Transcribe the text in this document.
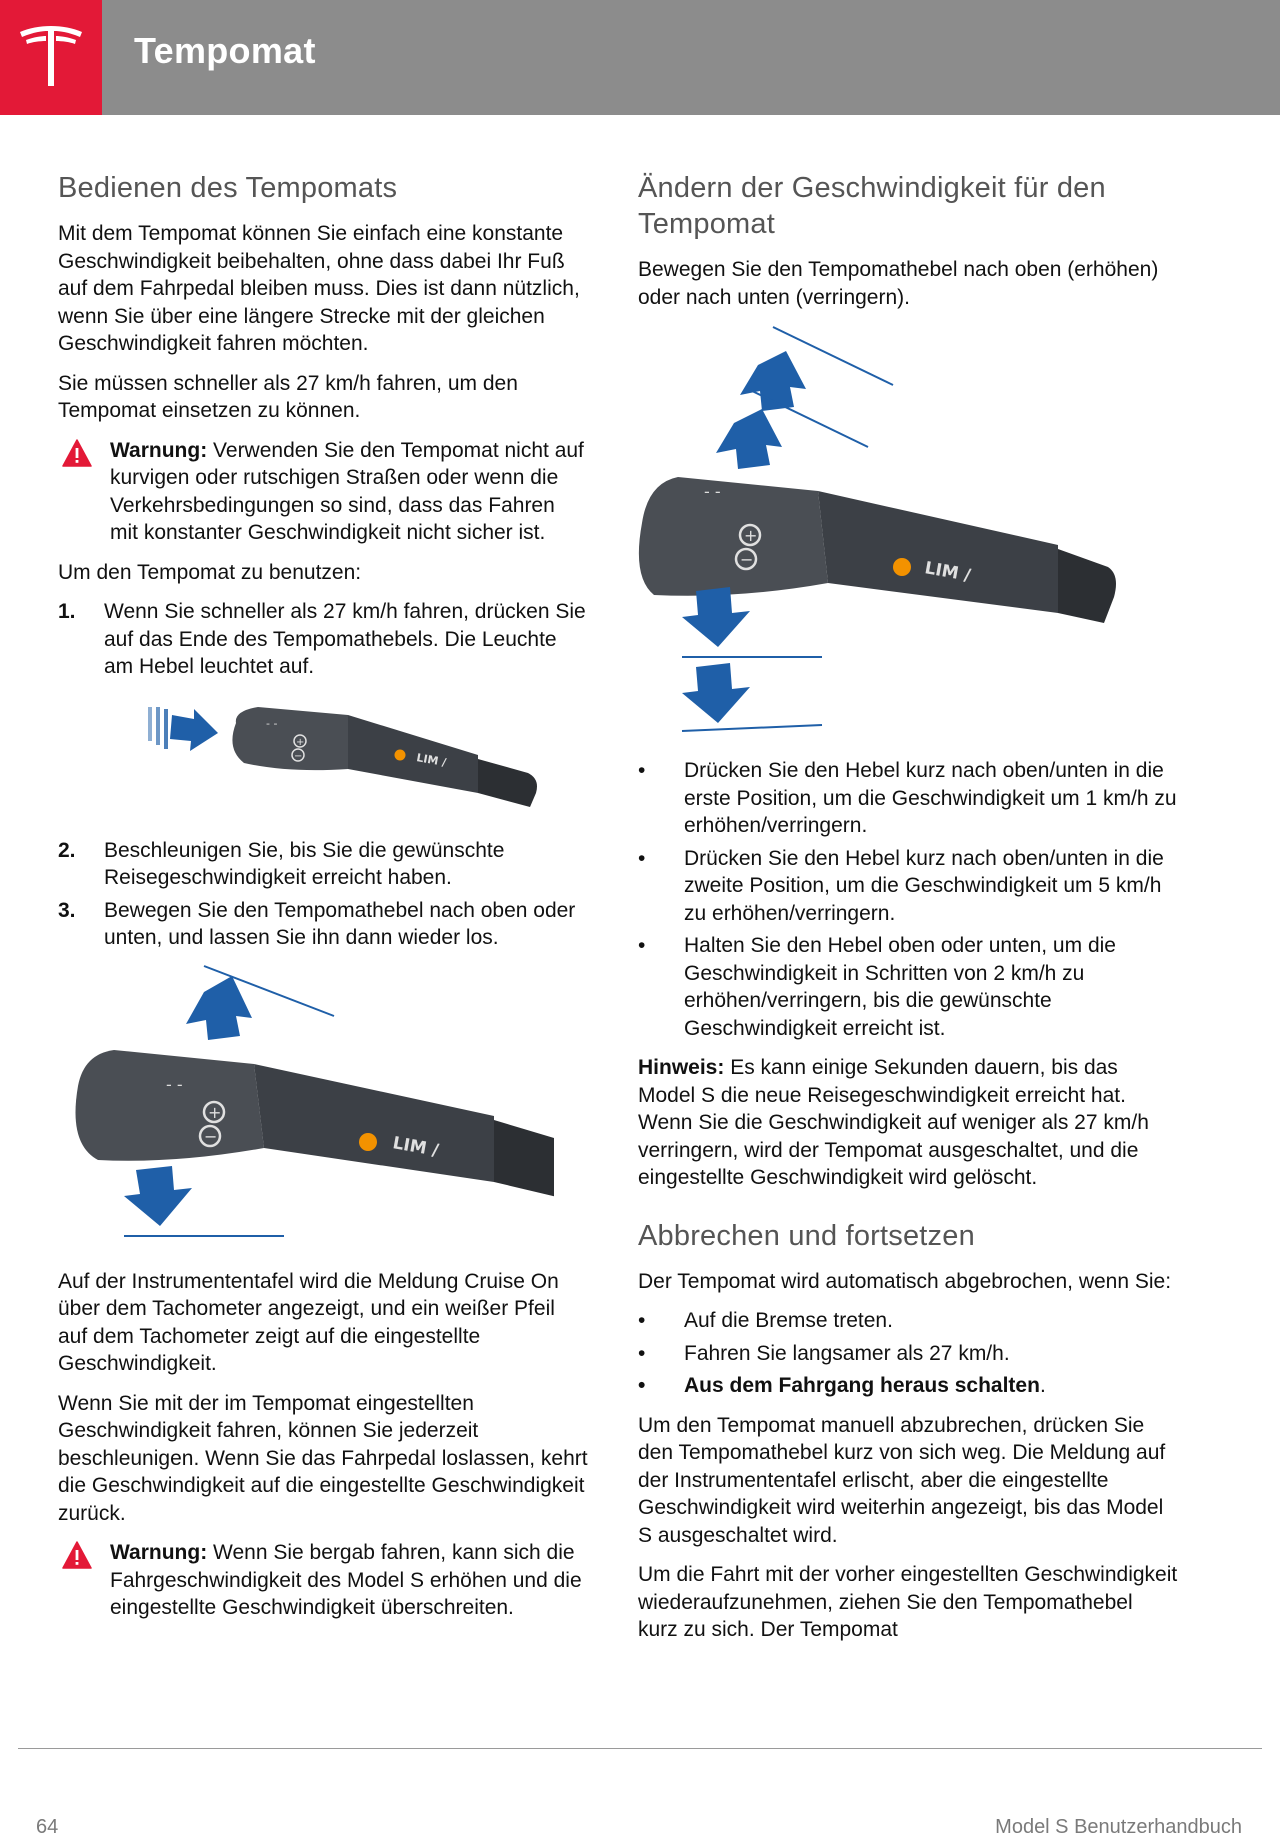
Tempomat
Bedienen des Tempomats

Mit dem Tempomat können Sie einfach eine konstante Geschwindigkeit beibehalten, ohne dass dabei Ihr Fuß auf dem Fahrpedal bleiben muss. Dies ist dann nützlich, wenn Sie über eine längere Strecke mit der gleichen Geschwindigkeit fahren möchten.

Sie müssen schneller als 27 km/h fahren, um den Tempomat einsetzen zu können.

Warnung: Verwenden Sie den Tempomat nicht auf kurvigen oder rutschigen Straßen oder wenn die Verkehrsbedingungen so sind, dass das Fahren mit konstanter Geschwindigkeit nicht sicher ist.

Um den Tempomat zu benutzen:

1. Wenn Sie schneller als 27 km/h fahren, drücken Sie auf das Ende des Tempomathebels. Die Leuchte am Hebel leuchtet auf.
- -
+
−	LIM /
2. Beschleunigen Sie, bis Sie die gewünschte Reisegeschwindigkeit erreicht haben.
3. Bewegen Sie den Tempomathebel nach oben oder unten, und lassen Sie ihn dann wieder los.
- -
+
−	LIM /

Auf der Instrumententafel wird die Meldung Cruise On über dem Tachometer angezeigt, und ein weißer Pfeil auf dem Tachometer zeigt auf die eingestellte Geschwindigkeit.

Wenn Sie mit der im Tempomat eingestellten Geschwindigkeit fahren, können Sie jederzeit beschleunigen. Wenn Sie das Fahrpedal loslassen, kehrt die Geschwindigkeit auf die eingestellte Geschwindigkeit zurück.

Warnung: Wenn Sie bergab fahren, kann sich die Fahrgeschwindigkeit des Model S erhöhen und die eingestellte Geschwindigkeit überschreiten.

Ändern der Geschwindigkeit für den Tempomat

Bewegen Sie den Tempomathebel nach oben (erhöhen) oder nach unten (verringern).

- -
+
−	LIM /
• Drücken Sie den Hebel kurz nach oben/unten in die erste Position, um die Geschwindigkeit um 1 km/h zu erhöhen/verringern.
• Drücken Sie den Hebel kurz nach oben/unten in die zweite Position, um die Geschwindigkeit um 5 km/h zu erhöhen/verringern.
• Halten Sie den Hebel oben oder unten, um die Geschwindigkeit in Schritten von 2 km/h zu erhöhen/verringern, bis die gewünschte Geschwindigkeit erreicht ist.

Hinweis: Es kann einige Sekunden dauern, bis das Model S die neue Reisegeschwindigkeit erreicht hat. Wenn Sie die Geschwindigkeit auf weniger als 27 km/h verringern, wird der Tempomat ausgeschaltet, und die eingestellte Geschwindigkeit wird gelöscht.

Abbrechen und fortsetzen

Der Tempomat wird automatisch abgebrochen, wenn Sie:

• Auf die Bremse treten.
• Fahren Sie langsamer als 27 km/h.
• Aus dem Fahrgang heraus schalten.

Um den Tempomat manuell abzubrechen, drücken Sie den Tempomathebel kurz von sich weg. Die Meldung auf der Instrumententafel erlischt, aber die eingestellte Geschwindigkeit wird weiterhin angezeigt, bis das Model S ausgeschaltet wird.

Um die Fahrt mit der vorher eingestellten Geschwindigkeit wiederaufzunehmen, ziehen Sie den Tempomathebel kurz zu sich. Der Tempomat

64	Model S Benutzerhandbuch
